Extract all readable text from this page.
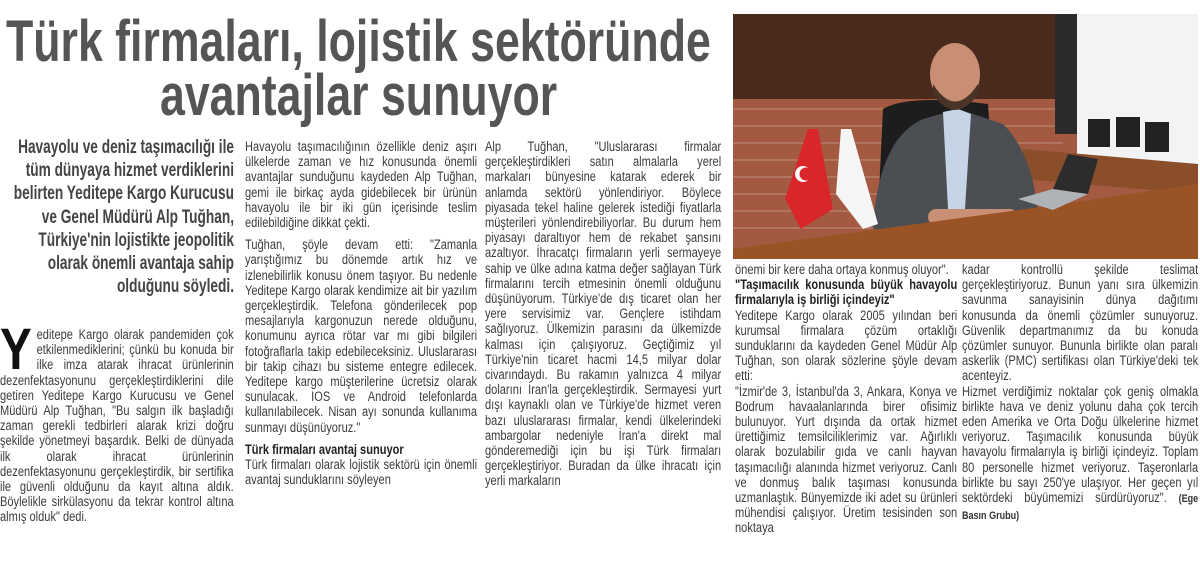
Türk firmaları, lojistik sektöründe
avantajlar sunuyor

Havayolu ve deniz taşımacılığı ile tüm dünyaya hizmet verdiklerini belirten Yeditepe Kargo Kurucusu ve Genel Müdürü Alp Tuğhan, Türkiye'nin lojistikte jeopolitik olarak önemli avantaja sahip olduğunu söyledi.

Yeditepe Kargo olarak pandemiden çok etkilenmediklerini; çünkü bu konuda bir ilke imza atarak ihracat ürünlerinin dezenfektasyonunu gerçekleştirdiklerini dile getiren Yeditepe Kargo Kurucusu ve Genel Müdürü Alp Tuğhan, "Bu salgın ilk başladığı zaman gerekli tedbirleri alarak krizi doğru şekilde yönetmeyi başardık. Belki de dünyada ilk olarak ihracat ürünlerinin dezenfektasyonunu gerçekleştirdik, bir sertifika ile güvenli olduğunu da kayıt altına aldık. Böylelikle sirkülasyonu da tekrar kontrol altına almış olduk" dedi.

Havayolu taşımacılığının özellikle deniz aşırı ülkelerde zaman ve hız konusunda önemli avantajlar sunduğunu kaydeden Alp Tuğhan, gemi ile birkaç ayda gidebilecek bir ürünün havayolu ile bir iki gün içerisinde teslim edilebildiğine dikkat çekti.

Tuğhan, şöyle devam etti: "Zamanla yarıştığımız bu dönemde artık hız ve izlenebilirlik konusu önem taşıyor. Bu nedenle Yeditepe Kargo olarak kendimize ait bir yazılım gerçekleştirdik. Telefona gönderilecek pop mesajlarıyla kargonuzun nerede olduğunu, konumunu ayrıca rötar var mı gibi bilgileri fotoğraflarla takip edebileceksiniz. Uluslararası bir takip cihazı bu sisteme entegre edilecek. Yeditepe kargo müşterilerine ücretsiz olarak sunulacak. IOS ve Android telefonlarda kullanılabilecek. Nisan ayı sonunda kullanıma sunmayı düşünüyoruz."

Türk firmaları avantaj sunuyor

Türk firmaları olarak lojistik sektörü için önemli avantaj sunduklarını söyleyen

Alp Tuğhan, "Uluslararası firmalar gerçekleştirdikleri satın almalarla yerel markaları bünyesine katarak ederek bir anlamda sektörü yönlendiriyor. Böylece piyasada tekel haline gelerek istediği fiyatlarla müşterileri yönlendirebiliyorlar. Bu durum hem piyasayı daraltıyor hem de rekabet şansını azaltıyor. İhracatçı firmaların yerli sermayeye sahip ve ülke adına katma değer sağlayan Türk firmalarını tercih etmesinin önemli olduğunu düşünüyorum. Türkiye'de dış ticaret olan her yere servisimiz var. Gençlere istihdam sağlıyoruz. Ülkemizin parasını da ülkemizde kalması için çalışıyoruz. Geçtiğimiz yıl Türkiye'nin ticaret hacmi 14,5 milyar dolar civarındaydı. Bu rakamın yalnızca 4 milyar dolarını İran'la gerçekleştirdik. Sermayesi yurt dışı kaynaklı olan ve Türkiye'de hizmet veren bazı uluslararası firmalar, kendi ülkelerindeki ambargolar nedeniyle İran'a direkt mal gönderemediği için bu işi Türk firmaları gerçekleştiriyor. Buradan da ülke ihracatı için yerli markaların

önemi bir kere daha ortaya konmuş oluyor".

"Taşımacılık konusunda büyük havayolu firmalarıyla iş birliği içindeyiz"

Yeditepe Kargo olarak 2005 yılından beri kurumsal firmalara çözüm ortaklığı sunduklarını da kaydeden Genel Müdür Alp Tuğhan, son olarak sözlerine şöyle devam etti:

"İzmir'de 3, İstanbul'da 3, Ankara, Konya ve Bodrum havaalanlarında birer ofisimiz bulunuyor. Yurt dışında da ortak hizmet ürettiğimiz temsilciliklerimiz var. Ağırlıklı olarak bozulabilir gıda ve canlı hayvan taşımacılığı alanında hizmet veriyoruz. Canlı ve donmuş balık taşıması konusunda uzmanlaştık. Bünyemizde iki adet su ürünleri mühendisi çalışıyor. Üretim tesisinden son noktaya

kadar kontrollü şekilde teslimat gerçekleştiriyoruz. Bunun yanı sıra ülkemizin savunma sanayisinin dünya dağıtımı konusunda da önemli çözümler sunuyoruz. Güvenlik departmanımız da bu konuda çözümler sunuyor. Bununla birlikte olan paralı askerlik (PMC) sertifikası olan Türkiye'deki tek acenteyiz.

Hizmet verdiğimiz noktalar çok geniş olmakla birlikte hava ve deniz yolunu daha çok tercih eden Amerika ve Orta Doğu ülkelerine hizmet veriyoruz. Taşımacılık konusunda büyük havayolu firmalarıyla iş birliği içindeyiz. Toplam 80 personelle hizmet veriyoruz. Taşeronlarla birlikte bu sayı 250'ye ulaşıyor. Her geçen yıl sektördeki büyümemizi sürdürüyoruz". (Ege Basın Grubu)
